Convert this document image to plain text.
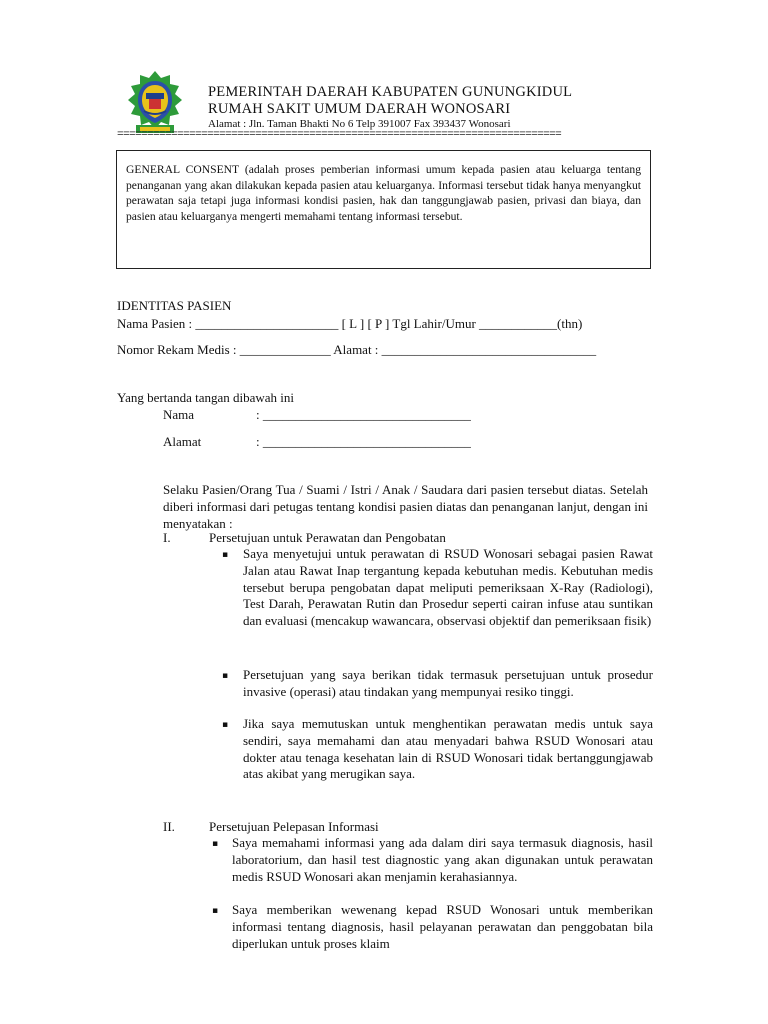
PEMERINTAH DAERAH KABUPATEN GUNUNGKIDUL
RUMAH SAKIT UMUM DAERAH WONOSARI
Alamat : Jln. Taman Bhakti No 6 Telp 391007 Fax 393437 Wonosari
==========================================================================

GENERAL CONSENT (adalah proses pemberian informasi umum kepada pasien atau keluarga tentang penanganan yang akan dilakukan kepada pasien atau keluarganya. Informasi tersebut tidak hanya menyangkut perawatan saja tetapi juga informasi kondisi pasien, hak dan tanggungjawab pasien, privasi dan biaya, dan pasien atau keluarganya mengerti memahami tentang informasi tersebut.

IDENTITAS PASIEN
Nama Pasien : ______________________ [ L ] [ P ] Tgl Lahir/Umur ____________(thn)
Nomor Rekam Medis : ______________ Alamat : _________________________________
Yang bertanda tangan dibawah ini
Nama	: ________________________________
Alamat	: ________________________________

Selaku Pasien/Orang Tua / Suami / Istri / Anak / Saudara dari pasien tersebut diatas. Setelah diberi informasi dari petugas tentang kondisi pasien diatas dan penanganan lanjut, dengan ini menyatakan :

I.	Persetujuan untuk Perawatan dan Pengobatan
▪ Saya menyetujui untuk perawatan di RSUD Wonosari sebagai pasien Rawat Jalan atau Rawat Inap tergantung kepada kebutuhan medis. Kebutuhan medis tersebut berupa pengobatan dapat meliputi pemeriksaan X-Ray (Radiologi), Test Darah, Perawatan Rutin dan Prosedur seperti cairan infuse atau suntikan dan evaluasi (mencakup wawancara, observasi objektif dan pemeriksaan fisik)

▪ Persetujuan yang saya berikan tidak termasuk persetujuan untuk prosedur invasive (operasi) atau tindakan yang mempunyai resiko tinggi.

▪ Jika saya memutuskan untuk menghentikan perawatan medis untuk saya sendiri, saya memahami dan atau menyadari bahwa RSUD Wonosari atau dokter atau tenaga kesehatan lain di RSUD Wonosari tidak bertanggungjawab atas akibat yang merugikan saya.

II.	Persetujuan Pelepasan Informasi
▪ Saya memahami informasi yang ada dalam diri saya termasuk diagnosis, hasil laboratorium, dan hasil test diagnostic yang akan digunakan untuk perawatan medis RSUD Wonosari akan menjamin kerahasiannya.

▪ Saya memberikan wewenang kepad RSUD Wonosari untuk memberikan informasi tentang diagnosis, hasil pelayanan perawatan dan penggobatan bila diperlukan untuk proses klaim
